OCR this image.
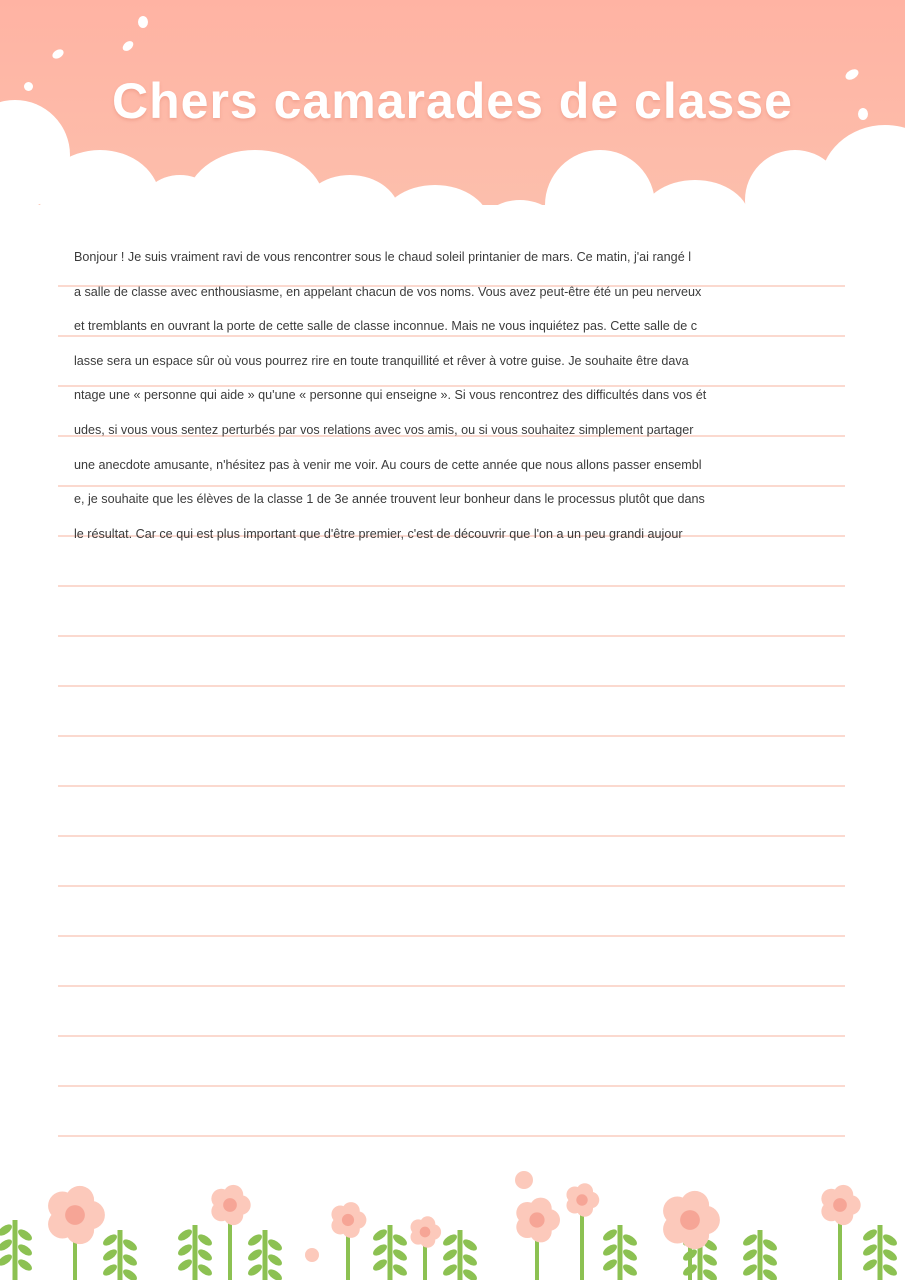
Chers camarades de classe
Bonjour ! Je suis vraiment ravi de vous rencontrer sous le chaud soleil printanier de mars. Ce matin, j'ai rangé l
a salle de classe avec enthousiasme, en appelant chacun de vos noms. Vous avez peut-être été un peu nerveux
et tremblants en ouvrant la porte de cette salle de classe inconnue. Mais ne vous inquiétez pas. Cette salle de c
lasse sera un espace sûr où vous pourrez rire en toute tranquillité et rêver à votre guise. Je souhaite être dava
ntage une « personne qui aide » qu'une « personne qui enseigne ». Si vous rencontrez des difficultés dans vos ét
udes, si vous vous sentez perturbés par vos relations avec vos amis, ou si vous souhaitez simplement partager
une anecdote amusante, n'hésitez pas à venir me voir. Au cours de cette année que nous allons passer ensembl
e, je souhaite que les élèves de la classe 1 de 3e année trouvent leur bonheur dans le processus plutôt que dans
le résultat. Car ce qui est plus important que d'être premier, c'est de découvrir que l'on a un peu grandi aujour
